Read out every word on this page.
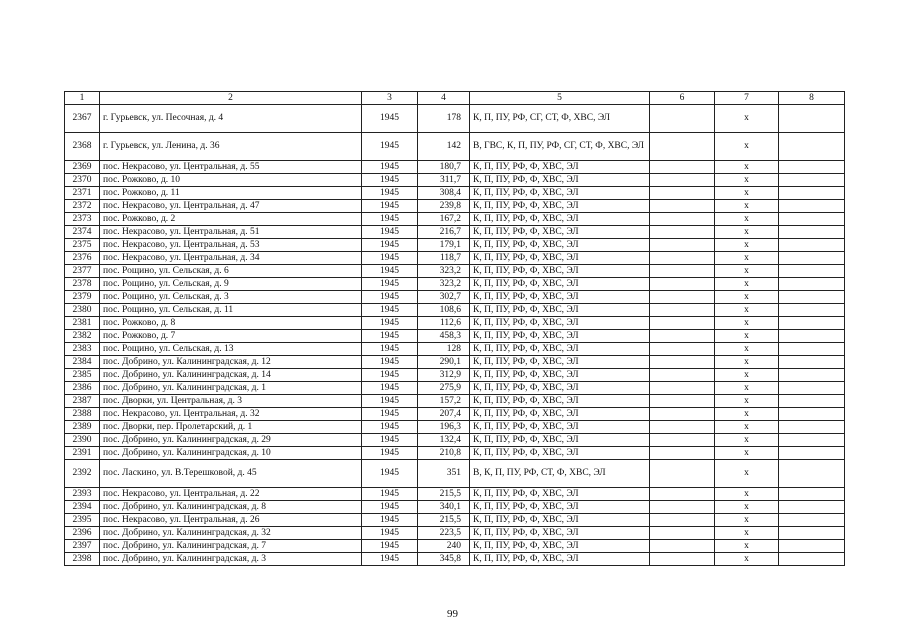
1	2	3	4	5	6	7	8
2367	г. Гурьевск, ул. Песочная, д. 4	1945	178	К, П, ПУ, РФ, СГ, СТ, Ф, ХВС, ЭЛ		х	
2368	г. Гурьевск, ул. Ленина, д. 36	1945	142	В, ГВС, К, П, ПУ, РФ, СГ, СТ, Ф, ХВС, ЭЛ		х	
2369	пос. Некрасово, ул. Центральная, д. 55	1945	180,7	К, П, ПУ, РФ, Ф, ХВС, ЭЛ		х	
2370	пос. Рожково, д. 10	1945	311,7	К, П, ПУ, РФ, Ф, ХВС, ЭЛ		х	
2371	пос. Рожково, д. 11	1945	308,4	К, П, ПУ, РФ, Ф, ХВС, ЭЛ		х	
2372	пос. Некрасово, ул. Центральная, д. 47	1945	239,8	К, П, ПУ, РФ, Ф, ХВС, ЭЛ		х	
2373	пос. Рожково, д. 2	1945	167,2	К, П, ПУ, РФ, Ф, ХВС, ЭЛ		х	
2374	пос. Некрасово, ул. Центральная, д. 51	1945	216,7	К, П, ПУ, РФ, Ф, ХВС, ЭЛ		х	
2375	пос. Некрасово, ул. Центральная, д. 53	1945	179,1	К, П, ПУ, РФ, Ф, ХВС, ЭЛ		х	
2376	пос. Некрасово, ул. Центральная, д. 34	1945	118,7	К, П, ПУ, РФ, Ф, ХВС, ЭЛ		х	
2377	пос. Рощино, ул. Сельская, д. 6	1945	323,2	К, П, ПУ, РФ, Ф, ХВС, ЭЛ		х	
2378	пос. Рощино, ул. Сельская, д. 9	1945	323,2	К, П, ПУ, РФ, Ф, ХВС, ЭЛ		х	
2379	пос. Рощино, ул. Сельская, д. 3	1945	302,7	К, П, ПУ, РФ, Ф, ХВС, ЭЛ		х	
2380	пос. Рощино, ул. Сельская, д. 11	1945	108,6	К, П, ПУ, РФ, Ф, ХВС, ЭЛ		х	
2381	пос. Рожково, д. 8	1945	112,6	К, П, ПУ, РФ, Ф, ХВС, ЭЛ		х	
2382	пос. Рожково, д. 7	1945	458,3	К, П, ПУ, РФ, Ф, ХВС, ЭЛ		х	
2383	пос. Рощино, ул. Сельская, д. 13	1945	128	К, П, ПУ, РФ, Ф, ХВС, ЭЛ		х	
2384	пос. Добрино, ул. Калининградская, д. 12	1945	290,1	К, П, ПУ, РФ, Ф, ХВС, ЭЛ		х	
2385	пос. Добрино, ул. Калининградская, д. 14	1945	312,9	К, П, ПУ, РФ, Ф, ХВС, ЭЛ		х	
2386	пос. Добрино, ул. Калининградская, д. 1	1945	275,9	К, П, ПУ, РФ, Ф, ХВС, ЭЛ		х	
2387	пос. Дворки, ул. Центральная, д. 3	1945	157,2	К, П, ПУ, РФ, Ф, ХВС, ЭЛ		х	
2388	пос. Некрасово, ул. Центральная, д. 32	1945	207,4	К, П, ПУ, РФ, Ф, ХВС, ЭЛ		х	
2389	пос. Дворки, пер. Пролетарский, д. 1	1945	196,3	К, П, ПУ, РФ, Ф, ХВС, ЭЛ		х	
2390	пос. Добрино, ул. Калининградская, д. 29	1945	132,4	К, П, ПУ, РФ, Ф, ХВС, ЭЛ		х	
2391	пос. Добрино, ул. Калининградская, д. 10	1945	210,8	К, П, ПУ, РФ, Ф, ХВС, ЭЛ		х	
2392	пос. Ласкино, ул. В.Терешковой, д. 45	1945	351	В, К, П, ПУ, РФ, СТ, Ф, ХВС, ЭЛ		х	
2393	пос. Некрасово, ул. Центральная, д. 22	1945	215,5	К, П, ПУ, РФ, Ф, ХВС, ЭЛ		х	
2394	пос. Добрино, ул. Калининградская, д. 8	1945	340,1	К, П, ПУ, РФ, Ф, ХВС, ЭЛ		х	
2395	пос. Некрасово, ул. Центральная, д. 26	1945	215,5	К, П, ПУ, РФ, Ф, ХВС, ЭЛ		х	
2396	пос. Добрино, ул. Калининградская, д. 32	1945	223,5	К, П, ПУ, РФ, Ф, ХВС, ЭЛ		х	
2397	пос. Добрино, ул. Калининградская, д. 7	1945	240	К, П, ПУ, РФ, Ф, ХВС, ЭЛ		х	
2398	пос. Добрино, ул. Калининградская, д. 3	1945	345,8	К, П, ПУ, РФ, Ф, ХВС, ЭЛ		х	
99
